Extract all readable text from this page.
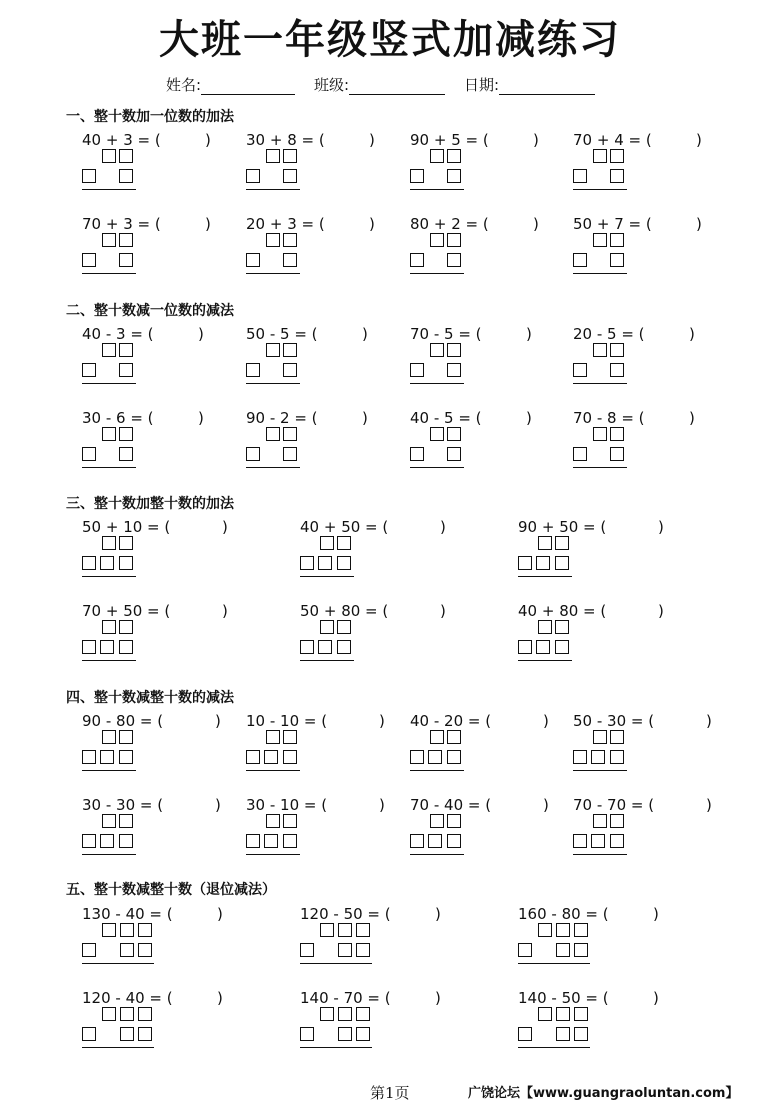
大班一年级竖式加减练习
姓名:	班级:	日期:
一、整十数加一位数的加法
40 + 3 = (	) 30 + 8 = (	) 90 + 5 = (	) 70 + 4 = (	)
70 + 3 = (	) 20 + 3 = (	) 80 + 2 = (	) 50 + 7 = (	)
二、整十数减一位数的减法
40 - 3 = (	)	50 - 5 = (	)	70 - 5 = (	)	20 - 5 = (	)
30 - 6 = (	)	90 - 2 = (	)	40 - 5 = (	)	70 - 8 = (	)
三、整十数加整十数的加法
50 + 10 = (	)	40 + 50 = (	)	90 + 50 = (	)
70 + 50 = (	)	50 + 80 = (	)	40 + 80 = (	)
四、整十数减整十数的减法
90 - 80 = (	) 10 - 10 = (	) 40 - 20 = (	) 50 - 30 = (	)
30 - 30 = (	) 30 - 10 = (	) 70 - 40 = (	) 70 - 70 = (	)
五、整十数减整十数（退位减法）
130 - 40 = (	)	120 - 50 = (	)	160 - 80 = (	)
120 - 40 = (	)	140 - 70 = (	)	140 - 50 = (	)
第1页	广饶论坛【www.guangraoluntan.com】
